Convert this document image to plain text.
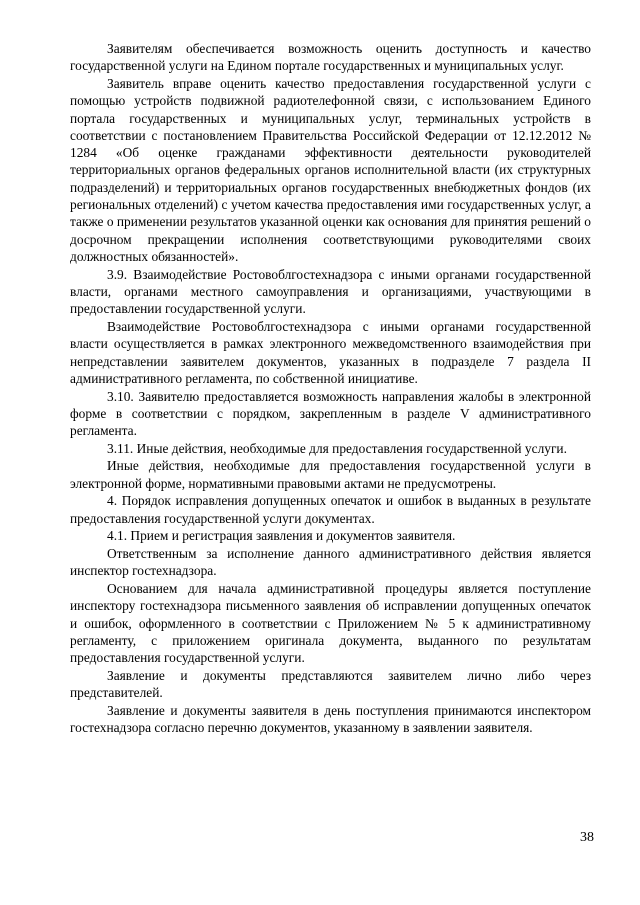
Заявителям обеспечивается возможность оценить доступность и качество государственной услуги на Едином портале государственных и муниципальных услуг.

Заявитель вправе оценить качество предоставления государственной услуги с помощью устройств подвижной радиотелефонной связи, с использованием Единого портала государственных и муниципальных услуг, терминальных устройств в соответствии с постановлением Правительства Российской Федерации от 12.12.2012 № 1284 «Об оценке гражданами эффективности деятельности руководителей территориальных органов федеральных органов исполнительной власти (их структурных подразделений) и территориальных органов государственных внебюджетных фондов (их региональных отделений) с учетом качества предоставления ими государственных услуг, а также о применении результатов указанной оценки как основания для принятия решений о досрочном прекращении исполнения соответствующими руководителями своих должностных обязанностей».

3.9. Взаимодействие Ростовоблгостехнадзора с иными органами государственной власти, органами местного самоуправления и организациями, участвующими в предоставлении государственной услуги.

Взаимодействие Ростовоблгостехнадзора с иными органами государственной власти осуществляется в рамках электронного межведомственного взаимодействия при непредставлении заявителем документов, указанных в подразделе 7 раздела II административного регламента, по собственной инициативе.

3.10. Заявителю предоставляется возможность направления жалобы в электронной форме в соответствии с порядком, закрепленным в разделе V административного регламента.

3.11. Иные действия, необходимые для предоставления государственной услуги.

Иные действия, необходимые для предоставления государственной услуги в электронной форме, нормативными правовыми актами не предусмотрены.

4. Порядок исправления допущенных опечаток и ошибок в выданных в результате предоставления государственной услуги документах.

4.1. Прием и регистрация заявления и документов заявителя.

Ответственным за исполнение данного административного действия является инспектор гостехнадзора.

Основанием для начала административной процедуры является поступление инспектору гостехнадзора письменного заявления об исправлении допущенных опечаток и ошибок, оформленного в соответствии с Приложением № 5 к административному регламенту, с приложением оригинала документа, выданного по результатам предоставления государственной услуги.

Заявление и документы представляются заявителем лично либо через представителей.

Заявление и документы заявителя в день поступления принимаются инспектором гостехнадзора согласно перечню документов, указанному в заявлении заявителя.

38
